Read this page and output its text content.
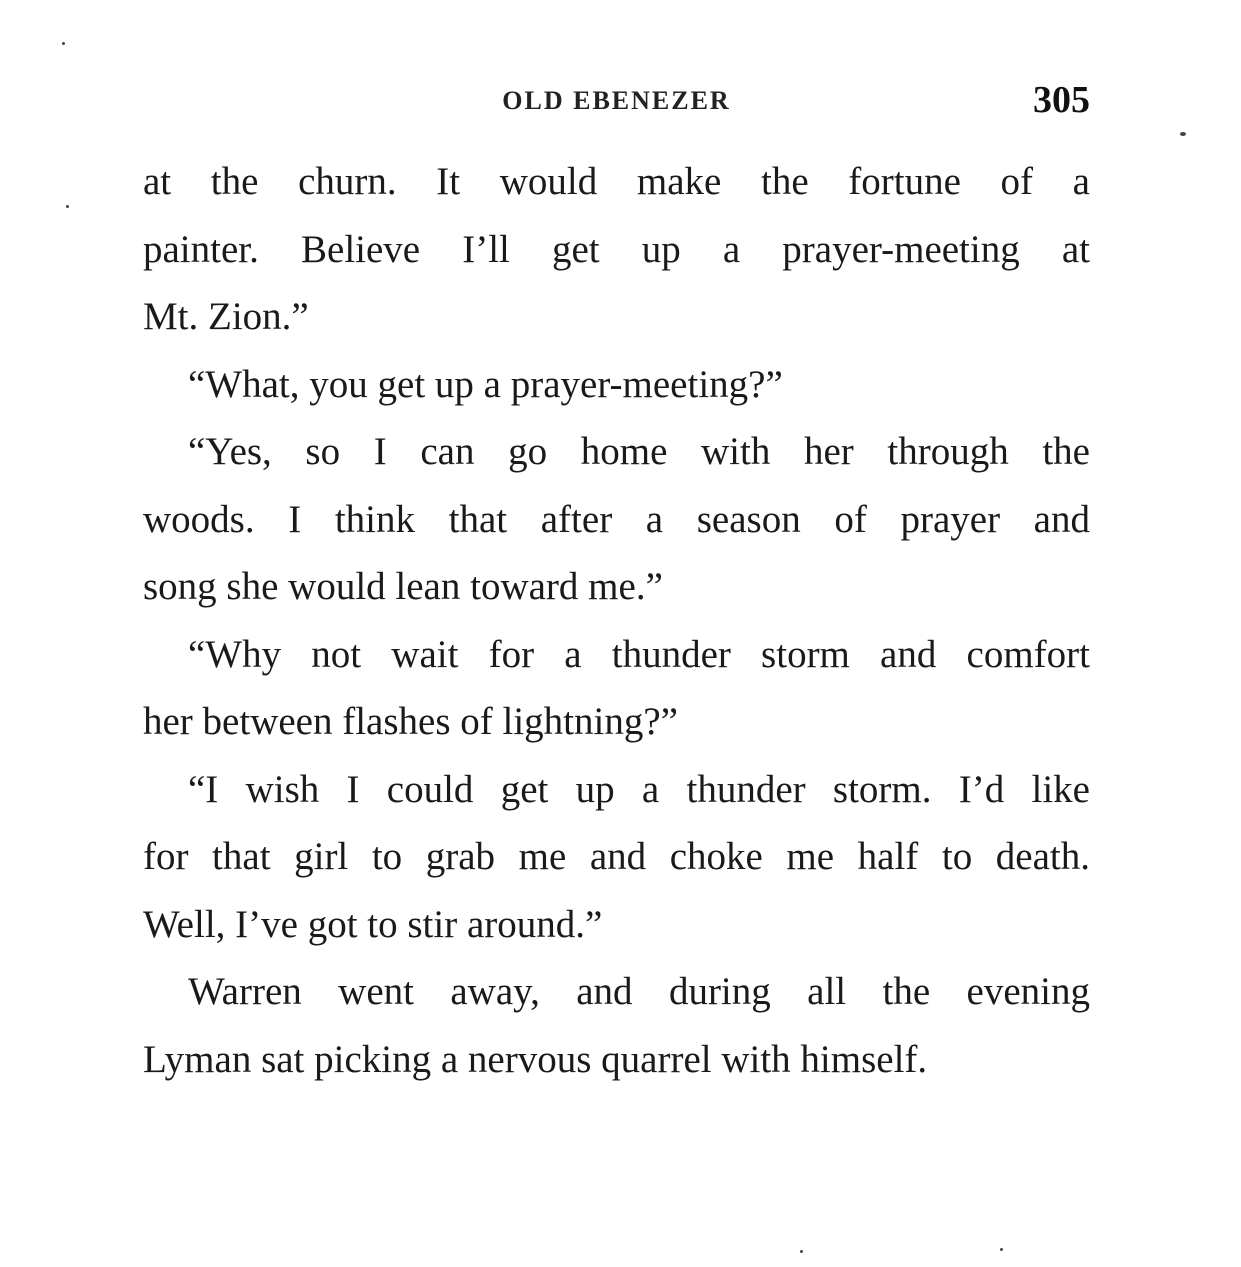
OLD EBENEZER	305
at the churn. It would make the fortune of a
painter. Believe I’ll get up a prayer-meeting at
Mt. Zion.”
“What, you get up a prayer-meeting?”
“Yes, so I can go home with her through the
woods. I think that after a season of prayer and
song she would lean toward me.”
“Why not wait for a thunder storm and comfort
her between flashes of lightning?”
“I wish I could get up a thunder storm. I’d like
for that girl to grab me and choke me half to death.
Well, I’ve got to stir around.”
Warren went away, and during all the evening
Lyman sat picking a nervous quarrel with himself.
